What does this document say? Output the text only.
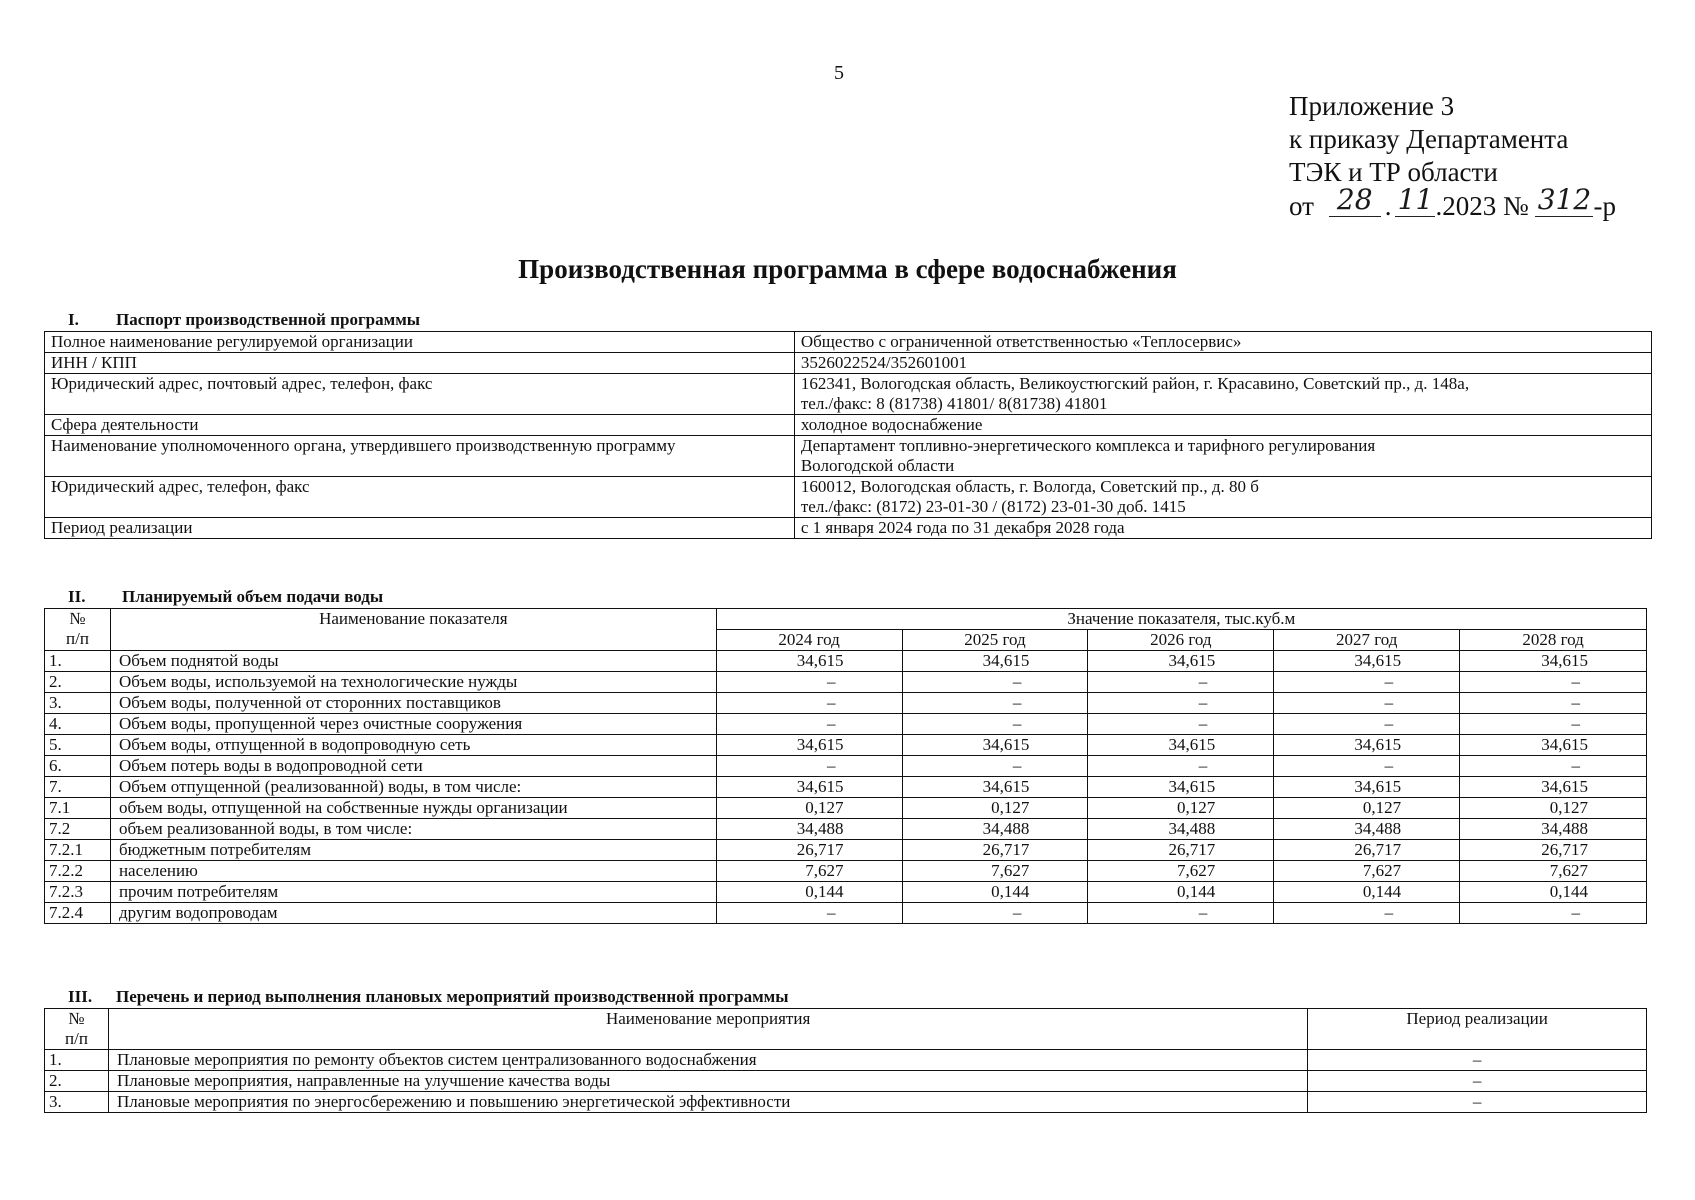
5
Приложение 3
к приказу Департамента
ТЭК и ТР области
от 28 . 11.2023 № 312-р
Производственная программа в сфере водоснабжения
I. Паспорт производственной программы
Полное наименование регулируемой организации	Общество с ограниченной ответственностью «Теплосервис»
ИНН / КПП	3526022524/352601001
Юридический адрес, почтовый адрес, телефон, факс	162341, Вологодская область, Великоустюгский район, г. Красавино, Советский пр., д. 148а,
тел./факс: 8 (81738) 41801/ 8(81738) 41801

Сфера деятельности	холодное водоснабжение
Наименование уполномоченного органа, утвердившего производственную программу	Департамент топливно-энергетического комплекса и тарифного регулирования
Вологодской области

Юридический адрес, телефон, факс	160012, Вологодская область, г. Вологда, Советский пр., д. 80 б
тел./факс: (8172) 23-01-30 / (8172) 23-01-30 доб. 1415

Период реализации	с 1 января 2024 года по 31 декабря 2028 года
II. Планируемый объем подачи воды
№
п/п	Наименование показателя	Значение показателя, тыс.куб.м				
		2024 год	2025 год	2026 год	2027 год	2028 год
1.	Объем поднятой воды	34,615	34,615	34,615	34,615	34,615
2.	Объем воды, используемой на технологические нужды	–	–	–	–	–
3.	Объем воды, полученной от сторонних поставщиков	–	–	–	–	–
4.	Объем воды, пропущенной через очистные сооружения	–	–	–	–	–
5.	Объем воды, отпущенной в водопроводную сеть	34,615	34,615	34,615	34,615	34,615
6.	Объем потерь воды в водопроводной сети	–	–	–	–	–
7.	Объем отпущенной (реализованной) воды, в том числе:	34,615	34,615	34,615	34,615	34,615
7.1	объем воды, отпущенной на собственные нужды организации	0,127	0,127	0,127	0,127	0,127
7.2	объем реализованной воды, в том числе:	34,488	34,488	34,488	34,488	34,488
7.2.1	бюджетным потребителям	26,717	26,717	26,717	26,717	26,717
7.2.2	населению	7,627	7,627	7,627	7,627	7,627
7.2.3	прочим потребителям	0,144	0,144	0,144	0,144	0,144
7.2.4	другим водопроводам	–	–	–	–	–
III. Перечень и период выполнения плановых мероприятий производственной программы
№
п/п	Наименование мероприятия	Период реализации
1.	Плановые мероприятия по ремонту объектов систем централизованного водоснабжения	–
2.	Плановые мероприятия, направленные на улучшение качества воды	–
3.	Плановые мероприятия по энергосбережению и повышению энергетической эффективности	–
